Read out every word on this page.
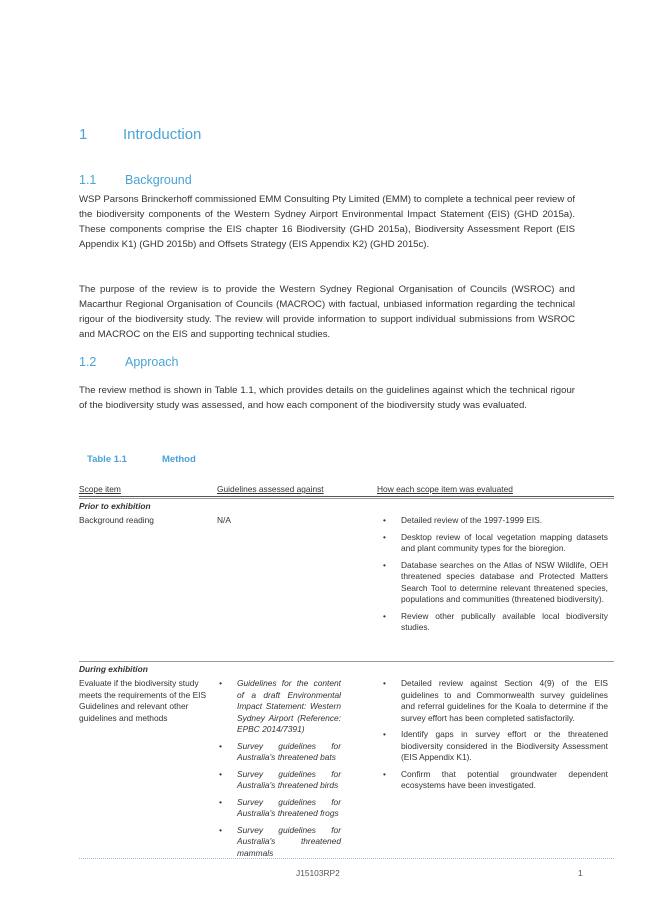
1 Introduction
1.1 Background

WSP Parsons Brinckerhoff commissioned EMM Consulting Pty Limited (EMM) to complete a technical peer review of the biodiversity components of the Western Sydney Airport Environmental Impact Statement (EIS) (GHD 2015a). These components comprise the EIS chapter 16 Biodiversity (GHD 2015a), Biodiversity Assessment Report (EIS Appendix K1) (GHD 2015b) and Offsets Strategy (EIS Appendix K2) (GHD 2015c).

The purpose of the review is to provide the Western Sydney Regional Organisation of Councils (WSROC) and Macarthur Regional Organisation of Councils (MACROC) with factual, unbiased information regarding the technical rigour of the biodiversity study. The review will provide information to support individual submissions from WSROC and MACROC on the EIS and supporting technical studies.

1.2 Approach

The review method is shown in Table 1.1, which provides details on the guidelines against which the technical rigour of the biodiversity study was assessed, and how each component of the biodiversity study was evaluated.

Table 1.1	Method
Scope item	Guidelines assessed against	How each scope item was evaluated
Prior to exhibition
Background reading	N/A
•	Detailed review of the 1997-1999 EIS.
• Desktop review of local vegetation mapping datasets and plant community types for the bioregion.
• Database searches on the Atlas of NSW Wildlife, OEH threatened species database and Protected Matters Search Tool to determine relevant threatened species, populations and communities (threatened biodiversity).
• Review other publically available local biodiversity studies.
During exhibition
Evaluate if the biodiversity study meets the requirements of the EIS Guidelines and relevant other guidelines and methods
• Guidelines for the content of a draft Environmental Impact Statement: Western Sydney Airport (Reference: EPBC 2014/7391)
• Survey guidelines for Australia's threatened bats
• Survey guidelines for Australia's threatened birds
• Survey guidelines for Australia's threatened frogs
• Survey guidelines for Australia's threatened mammals
• Detailed review against Section 4(9) of the EIS guidelines to and Commonwealth survey guidelines and referral guidelines for the Koala to determine if the survey effort has been completed satisfactorily.
• Identify gaps in survey effort or the threatened biodiversity considered in the Biodiversity Assessment (EIS Appendix K1).
• Confirm that potential groundwater dependent ecosystems have been investigated.
J15103RP2	1
